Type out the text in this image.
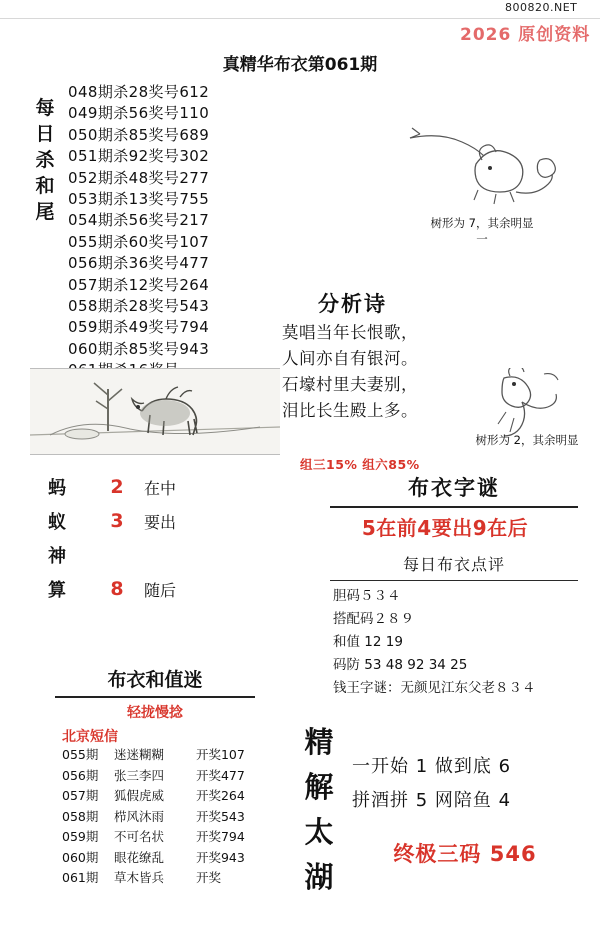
800820.NET
2026 原创资料
真精华布衣第061期
每日杀和尾
048期杀28奖号612
049期杀56奖号110
050期杀85奖号689
051期杀92奖号302
052期杀48奖号277
053期杀13奖号755
054期杀56奖号217
055期杀60奖号107
056期杀36奖号477
057期杀12奖号264
058期杀28奖号543
059期杀49奖号794
060期杀85奖号943
蚂	2	在中
蚁	3	要出
神
算	8	随后
布衣和值迷
轻拢慢捻
北京短信
055期 迷迷糊糊	开奖107
056期 张三李四	开奖477
057期 狐假虎威	开奖264
058期 栉风沐雨	开奖543
059期 不可名状	开奖794
060期 眼花缭乱	开奖943
061期 草木皆兵	开奖
树形为 7，其余明显
一
分析诗
莫唱当年长恨歌，
人间亦自有银河。
石壕村里夫妻别，
泪比长生殿上多。
树形为 2，其余明显
组三15% 组六85%
布衣字谜
5在前4要出9在后
每日布衣点评
胆码５３４
搭配码２８９
和值 12 19
码防 53 48 92 34 25
钱王字谜：无颜见江东父老８３４
精解太湖
一开始 1 做到底 6
拼酒拼 5 网陪鱼 4
终极三码 546
